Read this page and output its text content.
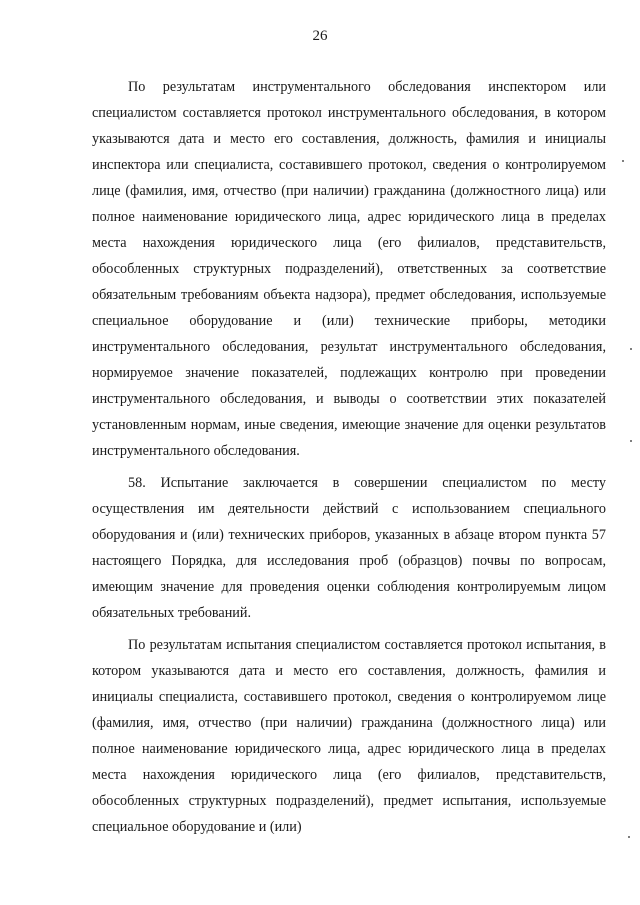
26

По результатам инструментального обследования инспектором или специалистом составляется протокол инструментального обследования, в котором указываются дата и место его составления, должность, фамилия и инициалы инспектора или специалиста, составившего протокол, сведения о контролируемом лице (фамилия, имя, отчество (при наличии) гражданина (должностного лица) или полное наименование юридического лица, адрес юридического лица в пределах места нахождения юридического лица (его филиалов, представительств, обособленных структурных подразделений), ответственных за соответствие обязательным требованиям объекта надзора), предмет обследования, используемые специальное оборудование и (или) технические приборы, методики инструментального обследования, результат инструментального обследования, нормируемое значение показателей, подлежащих контролю при проведении инструментального обследования, и выводы о соответствии этих показателей установленным нормам, иные сведения, имеющие значение для оценки результатов инструментального обследования.

58. Испытание заключается в совершении специалистом по месту осуществления им деятельности действий с использованием специального оборудования и (или) технических приборов, указанных в абзаце втором пункта 57 настоящего Порядка, для исследования проб (образцов) почвы по вопросам, имеющим значение для проведения оценки соблюдения контролируемым лицом обязательных требований.

По результатам испытания специалистом составляется протокол испытания, в котором указываются дата и место его составления, должность, фамилия и инициалы специалиста, составившего протокол, сведения о контролируемом лице (фамилия, имя, отчество (при наличии) гражданина (должностного лица) или полное наименование юридического лица, адрес юридического лица в пределах места нахождения юридического лица (его филиалов, представительств, обособленных структурных подразделений), предмет испытания, используемые специальное оборудование и (или)
